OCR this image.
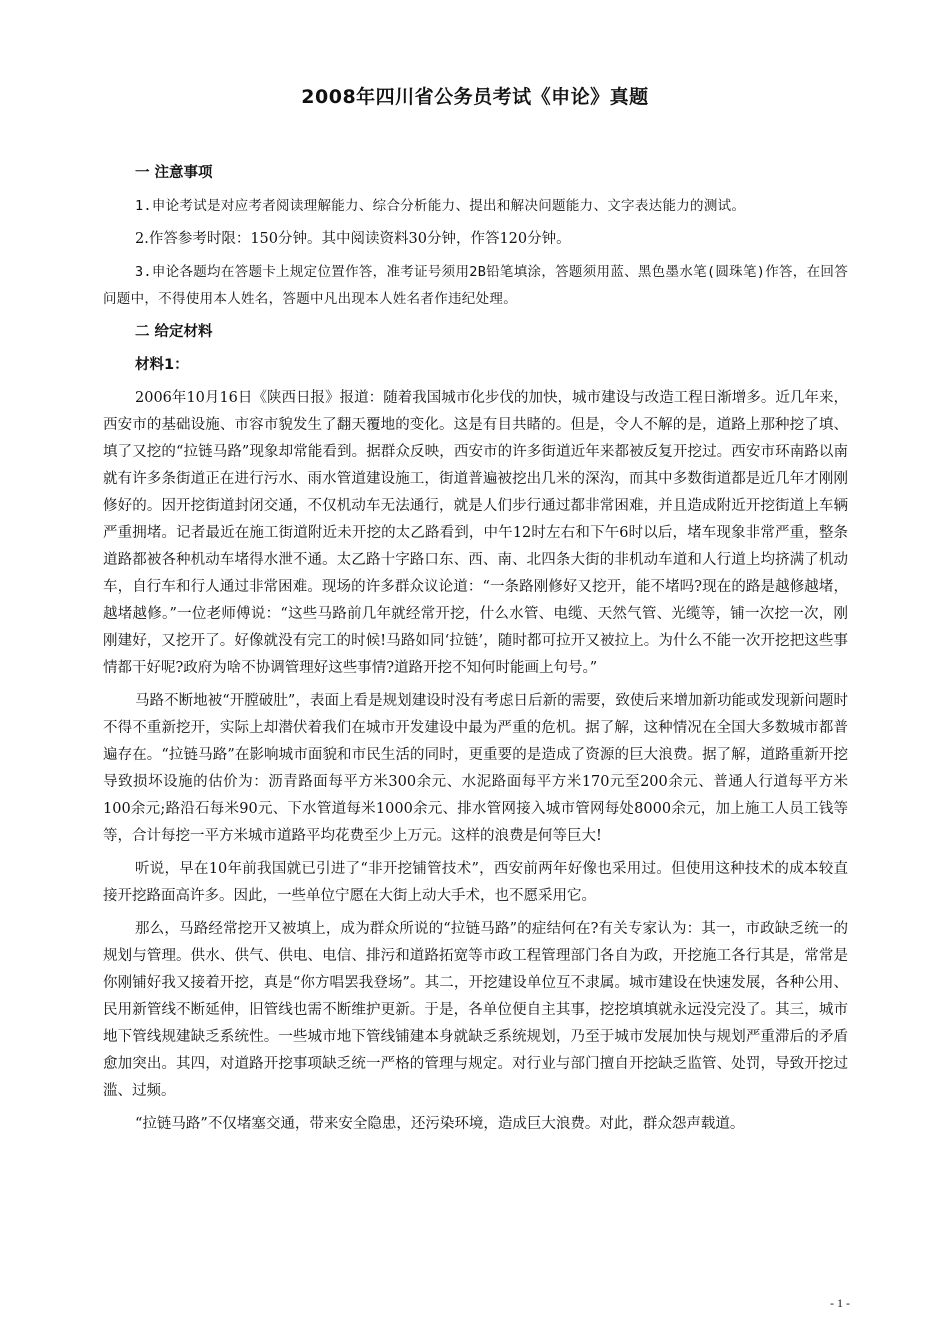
2008年四川省公务员考试《申论》真题
一 注意事项

1.申论考试是对应考者阅读理解能力、综合分析能力、提出和解决问题能力、文字表达能力的测试。

2.作答参考时限：150分钟。其中阅读资料30分钟，作答120分钟。

3.申论各题均在答题卡上规定位置作答，准考证号须用2B铅笔填涂，答题须用蓝、黑色墨水笔(圆珠笔)作答，在回答问题中，不得使用本人姓名，答题中凡出现本人姓名者作违纪处理。

二 给定材料
材料1：

2006年10月16日《陕西日报》报道：随着我国城市化步伐的加快，城市建设与改造工程日渐增多。近几年来，西安市的基础设施、市容市貌发生了翻天覆地的变化。这是有目共睹的。但是，令人不解的是，道路上那种挖了填、填了又挖的“拉链马路”现象却常能看到。据群众反映，西安市的许多街道近年来都被反复开挖过。西安市环南路以南就有许多条街道正在进行污水、雨水管道建设施工，街道普遍被挖出几米的深沟，而其中多数街道都是近几年才刚刚修好的。因开挖街道封闭交通，不仅机动车无法通行，就是人们步行通过都非常困难，并且造成附近开挖街道上车辆严重拥堵。记者最近在施工街道附近未开挖的太乙路看到，中午12时左右和下午6时以后，堵车现象非常严重，整条道路都被各种机动车堵得水泄不通。太乙路十字路口东、西、南、北四条大街的非机动车道和人行道上均挤满了机动车，自行车和行人通过非常困难。现场的许多群众议论道：“一条路刚修好又挖开，能不堵吗?现在的路是越修越堵，越堵越修。”一位老师傅说：“这些马路前几年就经常开挖，什么水管、电缆、天然气管、光缆等，铺一次挖一次，刚刚建好，又挖开了。好像就没有完工的时候!马路如同‘拉链’，随时都可拉开又被拉上。为什么不能一次开挖把这些事情都干好呢?政府为啥不协调管理好这些事情?道路开挖不知何时能画上句号。”

马路不断地被“开膛破肚”，表面上看是规划建设时没有考虑日后新的需要，致使后来增加新功能或发现新问题时不得不重新挖开，实际上却潜伏着我们在城市开发建设中最为严重的危机。据了解，这种情况在全国大多数城市都普遍存在。“拉链马路”在影响城市面貌和市民生活的同时，更重要的是造成了资源的巨大浪费。据了解，道路重新开挖导致损坏设施的估价为：沥青路面每平方米300余元、水泥路面每平方米170元至200余元、普通人行道每平方米100余元;路沿石每米90元、下水管道每米1000余元、排水管网接入城市管网每处8000余元，加上施工人员工钱等等，合计每挖一平方米城市道路平均花费至少上万元。这样的浪费是何等巨大!

听说，早在10年前我国就已引进了“非开挖铺管技术”，西安前两年好像也采用过。但使用这种技术的成本较直接开挖路面高许多。因此，一些单位宁愿在大街上动大手术，也不愿采用它。

那么，马路经常挖开又被填上，成为群众所说的“拉链马路”的症结何在?有关专家认为：其一，市政缺乏统一的规划与管理。供水、供气、供电、电信、排污和道路拓宽等市政工程管理部门各自为政，开挖施工各行其是，常常是你刚铺好我又接着开挖，真是“你方唱罢我登场”。其二，开挖建设单位互不隶属。城市建设在快速发展，各种公用、民用新管线不断延伸，旧管线也需不断维护更新。于是，各单位便自主其事，挖挖填填就永远没完没了。其三，城市地下管线规建缺乏系统性。一些城市地下管线铺建本身就缺乏系统规划，乃至于城市发展加快与规划严重滞后的矛盾愈加突出。其四，对道路开挖事项缺乏统一严格的管理与规定。对行业与部门擅自开挖缺乏监管、处罚，导致开挖过滥、过频。

“拉链马路”不仅堵塞交通，带来安全隐患，还污染环境，造成巨大浪费。对此，群众怨声载道。

- 1 -
